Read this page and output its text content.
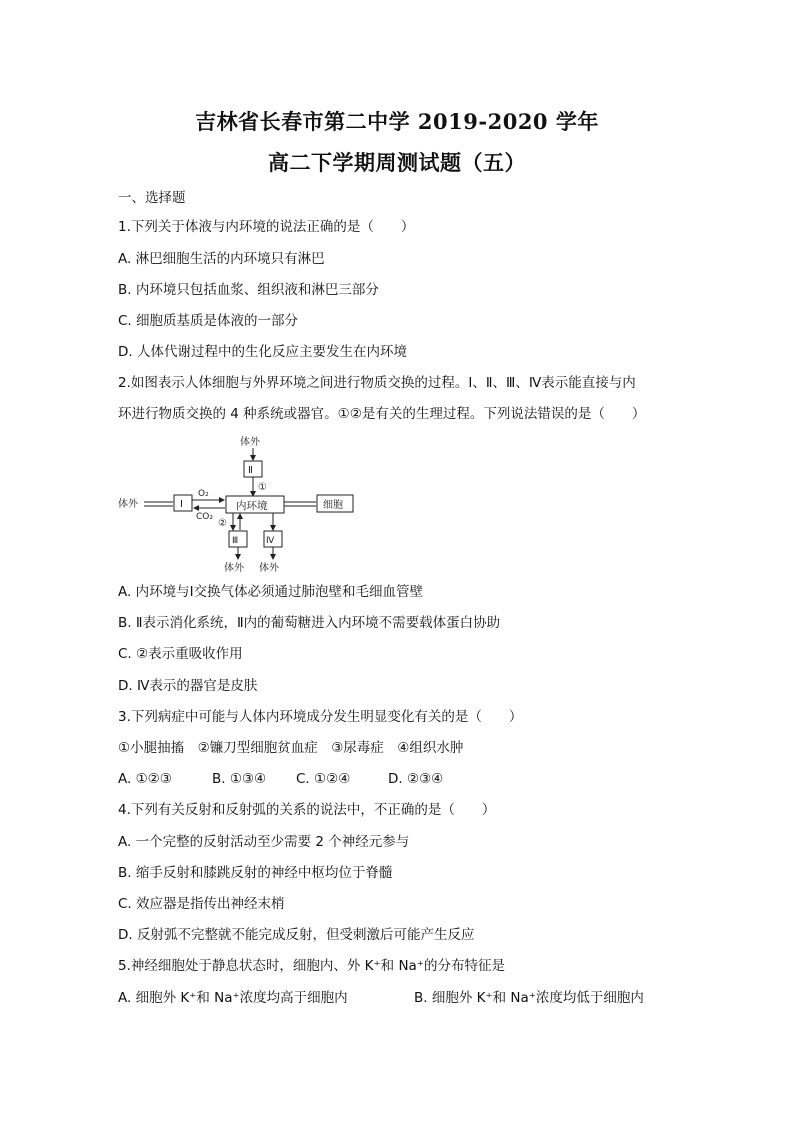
吉林省长春市第二中学 2019-2020 学年
高二下学期周测试题（五）
一、选择题
1.下列关于体液与内环境的说法正确的是（　　）
A. 淋巴细胞生活的内环境只有淋巴
B. 内环境只包括血浆、组织液和淋巴三部分
C. 细胞质基质是体液的一部分
D. 人体代谢过程中的生化反应主要发生在内环境
2.如图表示人体细胞与外界环境之间进行物质交换的过程。Ⅰ、Ⅱ、Ⅲ、Ⅳ表示能直接与内
环进行物质交换的 4 种系统或器官。①②是有关的生理过程。下列说法错误的是（　　）
体外
Ⅱ
①
体外	Ⅰ
O₂
CO₂
内环境	细胞
②
Ⅲ
体外
Ⅳ
体外
A. 内环境与Ⅰ交换气体必须通过肺泡壁和毛细血管壁
B. Ⅱ表示消化系统，Ⅱ内的葡萄糖进入内环境不需要载体蛋白协助
C. ②表示重吸收作用
D. Ⅳ表示的器官是皮肤
3.下列病症中可能与人体内环境成分发生明显变化有关的是（　　）
①小腿抽搐　②镰刀型细胞贫血症　③尿毒症　④组织水肿
A. ①②③	B. ①③④ C. ①②④	D. ②③④
4.下列有关反射和反射弧的关系的说法中，不正确的是（　　）
A. 一个完整的反射活动至少需要 2 个神经元参与
B. 缩手反射和膝跳反射的神经中枢均位于脊髓
C. 效应器是指传出神经末梢
D. 反射弧不完整就不能完成反射，但受刺激后可能产生反应
5.神经细胞处于静息状态时，细胞内、外 K⁺和 Na⁺的分布特征是
A. 细胞外 K⁺和 Na⁺浓度均高于细胞内	B. 细胞外 K⁺和 Na⁺浓度均低于细胞内
